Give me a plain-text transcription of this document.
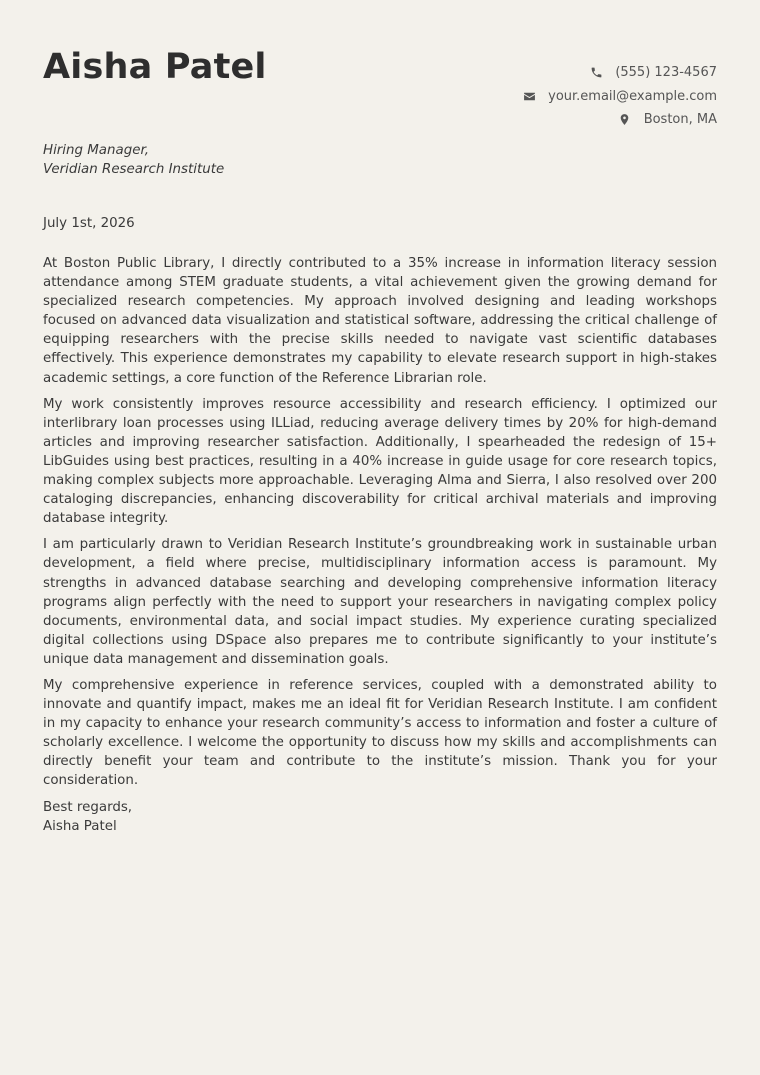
Aisha Patel	(555) 123-4567
your.email@example.com
Boston, MA
Hiring Manager,
Veridian Research Institute
July 1st, 2026

At Boston Public Library, I directly contributed to a 35% increase in information literacy session attendance among STEM graduate students, a vital achievement given the growing demand for specialized research competencies. My approach involved designing and leading workshops focused on advanced data visualization and statistical software, addressing the critical challenge of equipping researchers with the precise skills needed to navigate vast scientific databases effectively. This experience demonstrates my capability to elevate research support in high-stakes academic settings, a core function of the Reference Librarian role.

My work consistently improves resource accessibility and research efficiency. I optimized our interlibrary loan processes using ILLiad, reducing average delivery times by 20% for high-demand articles and improving researcher satisfaction. Additionally, I spearheaded the redesign of 15+ LibGuides using best practices, resulting in a 40% increase in guide usage for core research topics, making complex subjects more approachable. Leveraging Alma and Sierra, I also resolved over 200 cataloging discrepancies, enhancing discoverability for critical archival materials and improving database integrity.

I am particularly drawn to Veridian Research Institute’s groundbreaking work in sustainable urban development, a field where precise, multidisciplinary information access is paramount. My strengths in advanced database searching and developing comprehensive information literacy programs align perfectly with the need to support your researchers in navigating complex policy documents, environmental data, and social impact studies. My experience curating specialized digital collections using DSpace also prepares me to contribute significantly to your institute’s unique data management and dissemination goals.

My comprehensive experience in reference services, coupled with a demonstrated ability to innovate and quantify impact, makes me an ideal fit for Veridian Research Institute. I am confident in my capacity to enhance your research community’s access to information and foster a culture of scholarly excellence. I welcome the opportunity to discuss how my skills and accomplishments can directly benefit your team and contribute to the institute’s mission. Thank you for your consideration.

Best regards,
Aisha Patel
